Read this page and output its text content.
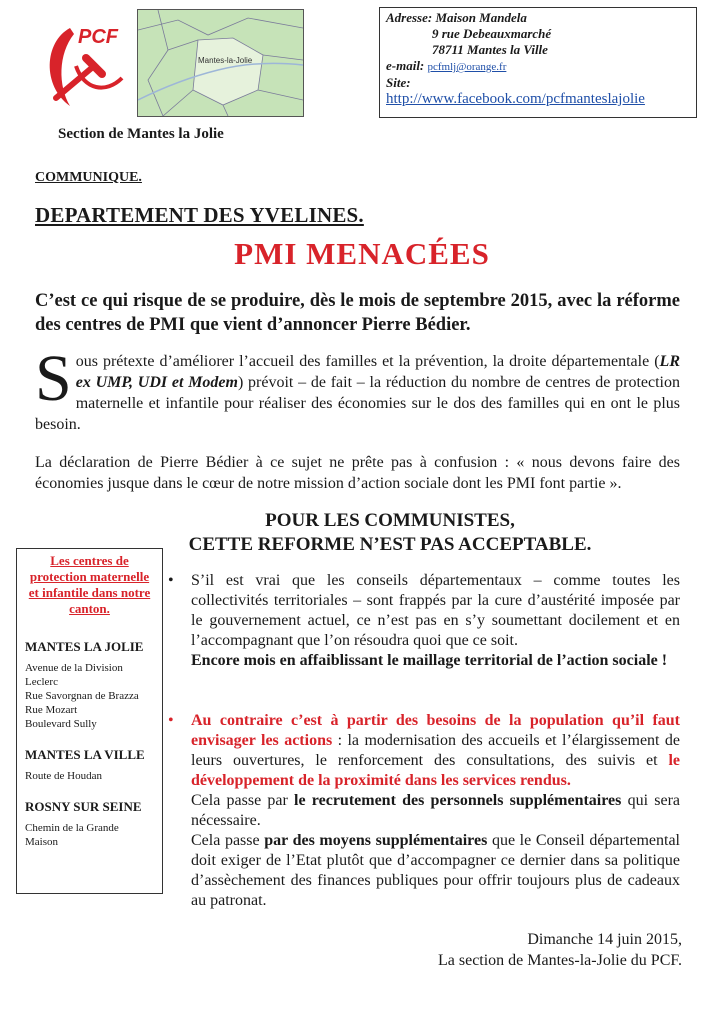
PCF
Section de Mantes la Jolie
Mantes-la-Jolie
Adresse: Maison Mandela
9 rue Debeauxmarché
78711 Mantes la Ville
e-mail: pcfmlj@orange.fr
Site:
http://www.facebook.com/pcfmanteslajolie
COMMUNIQUE.
DEPARTEMENT DES YVELINES.
PMI MENACÉES
C’est ce qui risque de se produire, dès le mois de septembre 2015, avec la réforme des centres de PMI que vient d’annoncer Pierre Bédier.
Sous prétexte d’améliorer l’accueil des familles et la prévention, la droite départementale (LR ex UMP, UDI et Modem) prévoit – de fait – la réduction du nombre de centres de protection maternelle et infantile pour réaliser des économies sur le dos des familles qui en ont le plus besoin.
La déclaration de Pierre Bédier à ce sujet ne prête pas à confusion : « nous devons faire des économies jusque dans le cœur de notre mission d’action sociale dont les PMI font partie ».
POUR LES COMMUNISTES,
CETTE REFORME N’EST PAS ACCEPTABLE.
Les centres de protection maternelle et infantile dans notre canton.
MANTES LA JOLIE
Avenue de la Division Leclerc
Rue Savorgnan de Brazza
Rue Mozart
Boulevard Sully
MANTES LA VILLE
Route de Houdan
ROSNY SUR SEINE
Chemin de la Grande Maison
• S’il est vrai que les conseils départementaux – comme toutes les collectivités territoriales – sont frappés par la cure d’austérité imposée par le gouvernement actuel, ce n’est pas en s’y soumettant docilement et en l’accompagnant que l’on résoudra quoi que ce soit.
Encore mois en affaiblissant le maillage territorial de l’action sociale !
• Au contraire c’est à partir des besoins de la population qu’il faut envisager les actions : la modernisation des accueils et l’élargissement de leurs ouvertures, le renforcement des consultations, des suivis et le développement de la proximité dans les services rendus.
Cela passe par le recrutement des personnels supplémentaires qui sera nécessaire.
Cela passe par des moyens supplémentaires que le Conseil départemental doit exiger de l’Etat plutôt que d’accompagner ce dernier dans sa politique d’assèchement des finances publiques pour offrir toujours plus de cadeaux au patronat.
Dimanche 14 juin 2015,
La section de Mantes-la-Jolie du PCF.
